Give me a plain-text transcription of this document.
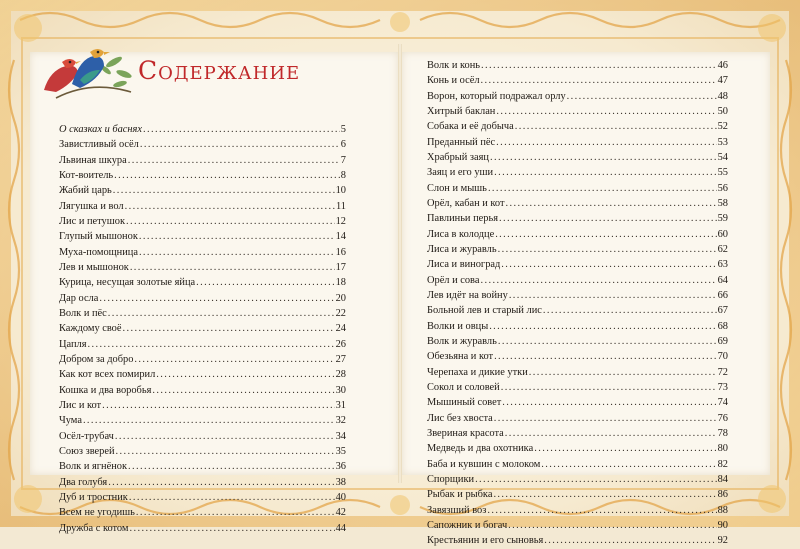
Содержание
О сказках и баснях .....	5
Завистливый осёл .....	6
Львиная шкура .....	7
Кот-воитель .....	8
Жабий царь .....	10
Лягушка и вол .....	11
Лис и петушок .....	12
Глупый мышонок .....	14
Муха-помощница .....	16
Лев и мышонок .....	17
Курица, несущая золотые яйца .....	18
Дар осла .....	20
Волк и пёс .....	22
Каждому своё .....	24
Цапля .....	26
Добром за добро .....	27
Как кот всех помирил .....	28
Кошка и два воробья .....	30
Лис и кот .....	31
Чума .....	32
Осёл-трубач .....	34
Союз зверей .....	35
Волк и ягнёнок .....	36
Два голубя .....	38
Дуб и тростник .....	40
Всем не угодишь .....	42
Дружба с котом .....	44
Волк и конь .....	46
Конь и осёл .....	47
Ворон, который подражал орлу .....	48
Хитрый баклан .....	50
Собака и её добыча .....	52
Преданный пёс .....	53
Храбрый заяц .....	54
Заяц и его уши .....	55
Слон и мышь .....	56
Орёл, кабан и кот .....	58
Павлиньи перья .....	59
Лиса в колодце .....	60
Лиса и журавль .....	62
Лиса и виноград .....	63
Орёл и сова .....	64
Лев идёт на войну .....	66
Больной лев и старый лис .....	67
Волки и овцы .....	68
Волк и журавль .....	69
Обезьяна и кот .....	70
Черепаха и дикие утки .....	72
Сокол и соловей .....	73
Мышиный совет .....	74
Лис без хвоста .....	76
Звериная красота .....	78
Медведь и два охотника .....	80
Баба и кувшин с молоком .....	82
Спорщики .....	84
Рыбак и рыбка .....	86
Завязший воз .....	88
Сапожник и богач .....	90
Крестьянин и его сыновья .....	92
